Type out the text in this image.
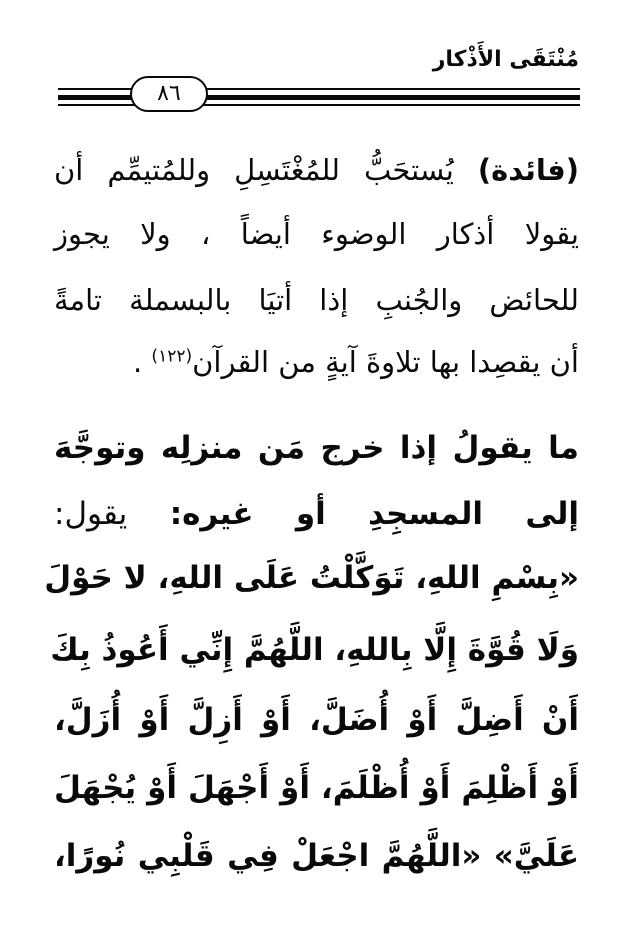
مُنْتَقَى الأَذْكار
٨٦
(فائدة) يُستحَبُّ للمُغْتَسِلِ وللمُتيمِّم أن
يقولا أذكار الوضوء أيضاً ، ولا يجوز
للحائض والجُنبِ إذا أتيَا بالبسملة تامةً
أن يقصِدا بها تلاوةَ آيةٍ من القرآن$^{(١٢٢)}$ .
ما يقولُ إذا خرج مَن منزلِه وتوجَّهَ
إلى المسجِدِ أو غيره: يقول:
«بِسْمِ اللهِ، تَوَكَّلْتُ عَلَى اللهِ، لا حَوْلَ
وَلَا قُوَّةَ إِلَّا بِاللهِ، اللَّهُمَّ إِنِّي أَعُوذُ بِكَ
أَنْ أَضِلَّ أَوْ أُضَلَّ، أَوْ أَزِلَّ أَوْ أُزَلَّ،
أَوْ أَظْلِمَ أَوْ أُظْلَمَ، أَوْ أَجْهَلَ أَوْ يُجْهَلَ
عَلَيَّ» «اللَّهُمَّ اجْعَلْ فِي قَلْبِي نُورًا،
